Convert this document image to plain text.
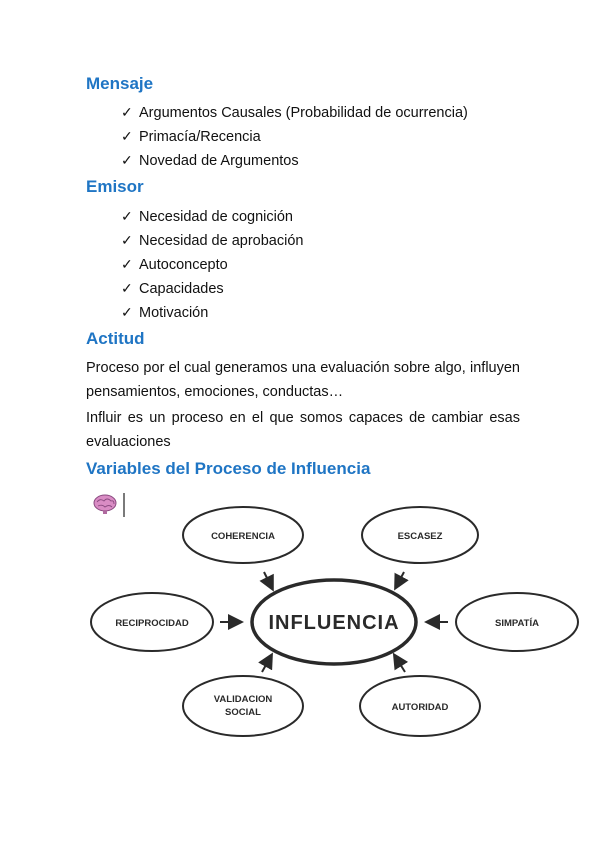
Mensaje
✓ Argumentos Causales (Probabilidad de ocurrencia)
✓ Primacía/Recencia
✓ Novedad de Argumentos
Emisor
✓ Necesidad de cognición
✓ Necesidad de aprobación
✓ Autoconcepto
✓ Capacidades
✓ Motivación
Actitud

Proceso por el cual generamos una evaluación sobre algo, influyen pensamientos, emociones, conductas…

Influir es un proceso en el que somos capaces de cambiar esas evaluaciones

Variables del Proceso de Influencia
INFLUENCIA
COHERENCIA	ESCASEZ
RECIPROCIDAD	SIMPATÍA
VALIDACION
SOCIAL	AUTORIDAD
